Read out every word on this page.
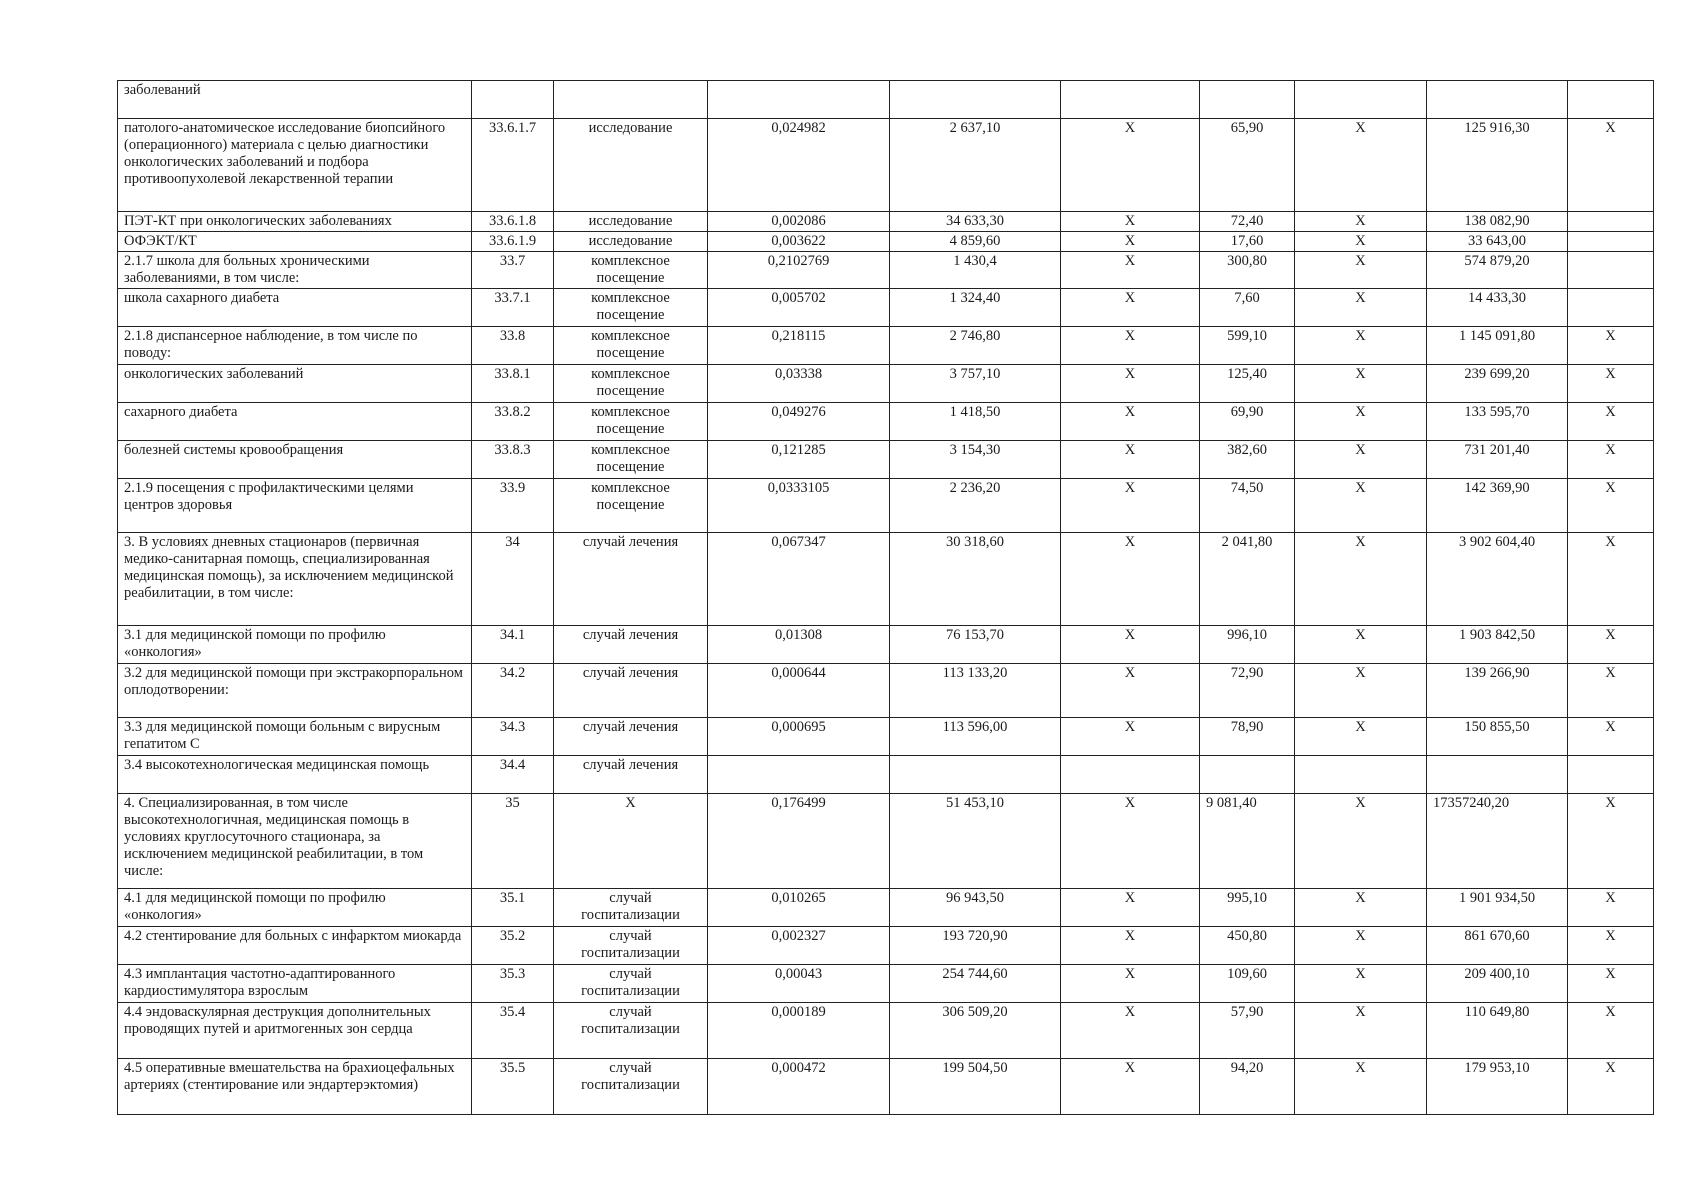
заболеваний									

патолого-анатомическое исследование биопсийного (операционного) материала с целью диагностики онкологических заболеваний и подбора противоопухолевой лекарственной терапии	33.6.1.7	исследование	0,024982	2 637,10	X	65,90	X	125 916,30	X

ПЭТ-КТ при онкологических заболеваниях	33.6.1.8	исследование	0,002086	34 633,30	X	72,40	X	138 082,90	

ОФЭКТ/КТ	33.6.1.9	исследование	0,003622	4 859,60	X	17,60	X	33 643,00	

2.1.7 школа для больных хроническими заболеваниями, в том числе:	33.7	комплексное посещение	0,2102769	1 430,4	X	300,80	X	574 879,20	

школа сахарного диабета	33.7.1	комплексное посещение	0,005702	1 324,40	X	7,60	X	14 433,30	

2.1.8 диспансерное наблюдение, в том числе по поводу:	33.8	комплексное посещение	0,218115	2 746,80	X	599,10	X	1 145 091,80	X

онкологических заболеваний	33.8.1	комплексное посещение	0,03338	3 757,10	X	125,40	X	239 699,20	X

сахарного диабета	33.8.2	комплексное посещение	0,049276	1 418,50	X	69,90	X	133 595,70	X

болезней системы кровообращения	33.8.3	комплексное посещение	0,121285	3 154,30	X	382,60	X	731 201,40	X

2.1.9 посещения с профилактическими целями центров здоровья	33.9	комплексное посещение	0,0333105	2 236,20	X	74,50	X	142 369,90	X

3. В условиях дневных стационаров (первичная медико-санитарная помощь, специализированная медицинская помощь), за исключением медицинской реабилитации, в том числе:	34	случай лечения	0,067347	30 318,60	X	2 041,80	X	3 902 604,40	X

3.1 для медицинской помощи по профилю «онкология»	34.1	случай лечения	0,01308	76 153,70	X	996,10	X	1 903 842,50	X

3.2 для медицинской помощи при экстракорпоральном оплодотворении:	34.2	случай лечения	0,000644	113 133,20	X	72,90	X	139 266,90	X

3.3 для медицинской помощи больным с вирусным гепатитом С	34.3	случай лечения	0,000695	113 596,00	X	78,90	X	150 855,50	X

3.4 высокотехнологическая медицинская помощь	34.4	случай лечения							

4. Специализированная, в том числе высокотехнологичная, медицинская помощь в условиях круглосуточного стационара, за исключением медицинской реабилитации, в том числе:	35	X	0,176499	51 453,10	X	9 081,40	X	17357240,20	X

4.1 для медицинской помощи по профилю «онкология»	35.1	случай госпитализации	0,010265	96 943,50	X	995,10	X	1 901 934,50	X

4.2 стентирование для больных с инфарктом миокарда	35.2	случай госпитализации	0,002327	193 720,90	X	450,80	X	861 670,60	X

4.3 имплантация частотно-адаптированного кардиостимулятора взрослым	35.3	случай госпитализации	0,00043	254 744,60	X	109,60	X	209 400,10	X

4.4 эндоваскулярная деструкция дополнительных проводящих путей и аритмогенных зон сердца	35.4	случай госпитализации	0,000189	306 509,20	X	57,90	X	110 649,80	X

4.5 оперативные вмешательства на брахиоцефальных артериях (стентирование или эндартерэктомия)	35.5	случай госпитализации	0,000472	199 504,50	X	94,20	X	179 953,10	X
